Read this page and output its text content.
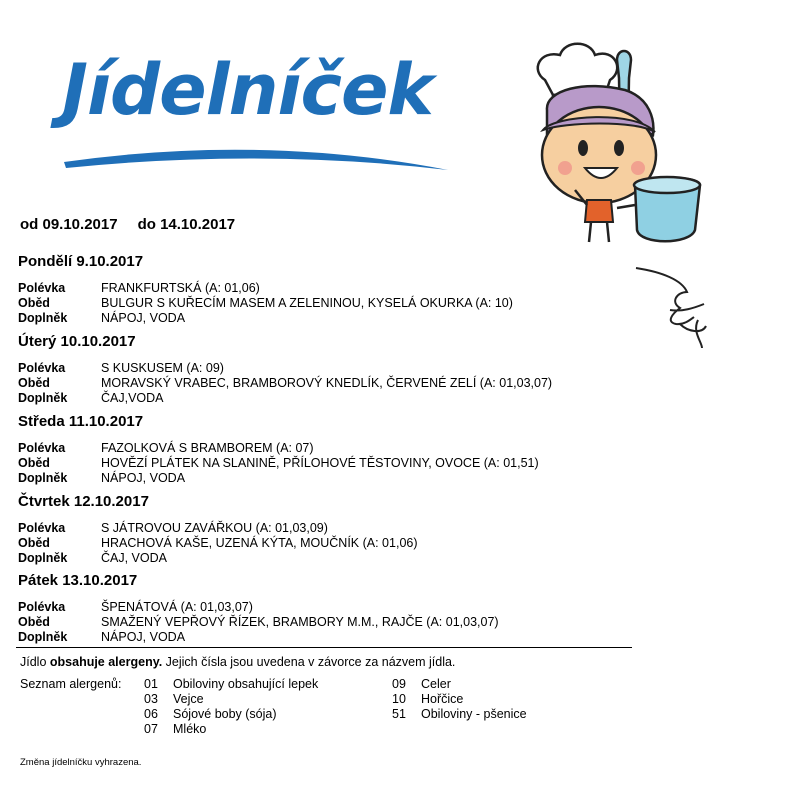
Jídelníček
od 09.10.2017 do 14.10.2017
Pondělí 9.10.2017
Polévka	FRANKFURTSKÁ (A: 01,06)
Oběd	BULGUR S KUŘECÍM MASEM A ZELENINOU, KYSELÁ OKURKA (A: 10)
Doplněk	NÁPOJ, VODA
Úterý 10.10.2017
Polévka	S KUSKUSEM (A: 09)
Oběd	MORAVSKÝ VRABEC, BRAMBOROVÝ KNEDLÍK, ČERVENÉ ZELÍ (A: 01,03,07)
Doplněk	ČAJ,VODA
Středa 11.10.2017
Polévka	FAZOLKOVÁ S BRAMBOREM (A: 07)
Oběd	HOVĚZÍ PLÁTEK NA SLANINĚ, PŘÍLOHOVÉ TĚSTOVINY, OVOCE (A: 01,51)
Doplněk	NÁPOJ, VODA
Čtvrtek 12.10.2017
Polévka	S JÁTROVOU ZAVÁŘKOU (A: 01,03,09)
Oběd	HRACHOVÁ KAŠE, UZENÁ KÝTA, MOUČNÍK (A: 01,06)
Doplněk	ČAJ, VODA
Pátek 13.10.2017
Polévka	ŠPENÁTOVÁ (A: 01,03,07)
Oběd	SMAŽENÝ VEPŘOVÝ ŘÍZEK, BRAMBORY M.M., RAJČE (A: 01,03,07)
Doplněk	NÁPOJ, VODA
Jídlo obsahuje alergeny. Jejich čísla jsou uvedena v závorce za názvem jídla.
Seznam alergenů: 01 Obiloviny obsahující lepek
03 Vejce
06 Sójové boby (sója)
07 Mléko
09 Celer
10 Hořčice
51 Obiloviny - pšenice
Změna jídelníčku vyhrazena.
